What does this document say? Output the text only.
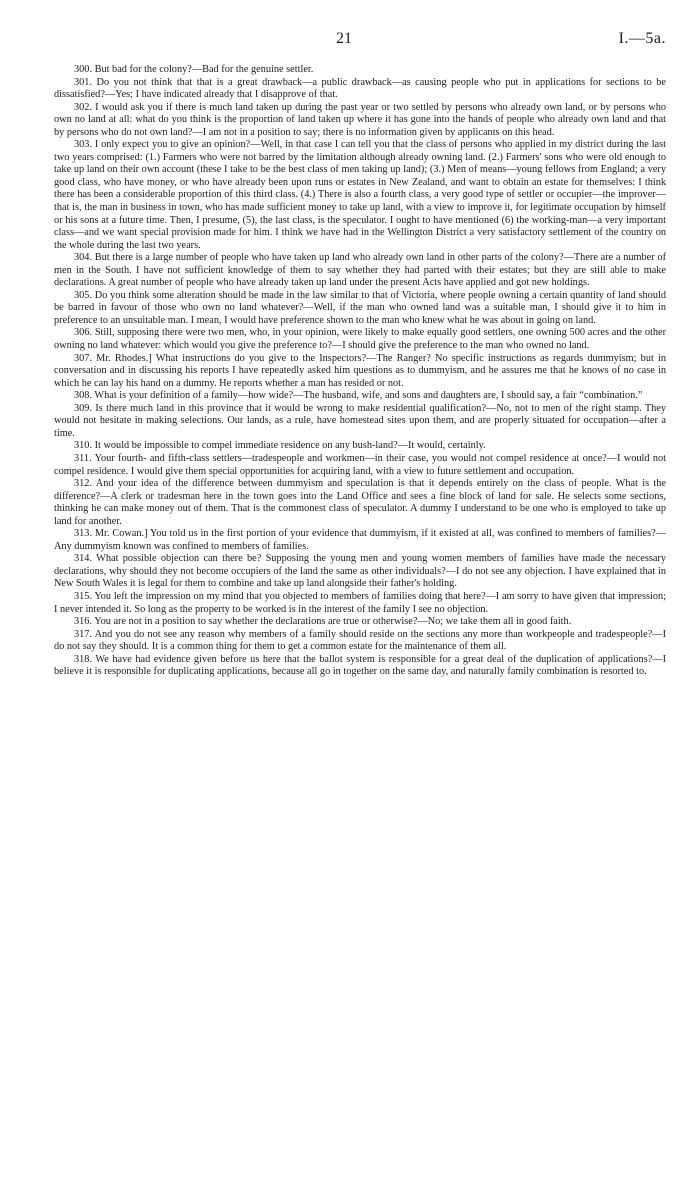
21	I.—5a.

300. But bad for the colony?—Bad for the genuine settler.

301. Do you not think that that is a great drawback—a public drawback—as causing people who put in applications for sections to be dissatisfied?—Yes; I have indicated already that I disapprove of that.

302. I would ask you if there is much land taken up during the past year or two settled by persons who already own land, or by persons who own no land at all: what do you think is the proportion of land taken up where it has gone into the hands of people who already own land and that by persons who do not own land?—I am not in a position to say; there is no information given by applicants on this head.

303. I only expect you to give an opinion?—Well, in that case I can tell you that the class of persons who applied in my district during the last two years comprised: (1.) Farmers who were not barred by the limitation although already owning land. (2.) Farmers' sons who were old enough to take up land on their own account (these I take to be the best class of men taking up land); (3.) Men of means—young fellows from England; a very good class, who have money, or who have already been upon runs or estates in New Zealand, and want to obtain an estate for themselves: I think there has been a considerable proportion of this third class. (4.) There is also a fourth class, a very good type of settler or occupier—the improver—that is, the man in business in town, who has made sufficient money to take up land, with a view to improve it, for legitimate occupation by himself or his sons at a future time. Then, I presume, (5), the last class, is the speculator. I ought to have mentioned (6) the working-man—a very important class—and we want special provision made for him. I think we have had in the Wellington District a very satisfactory settlement of the country on the whole during the last two years.

304. But there is a large number of people who have taken up land who already own land in other parts of the colony?—There are a number of men in the South. I have not sufficient knowledge of them to say whether they had parted with their estates; but they are still able to make declarations. A great number of people who have already taken up land under the present Acts have applied and got new holdings.

305. Do you think some alteration should be made in the law similar to that of Victoria, where people owning a certain quantity of land should be barred in favour of those who own no land whatever?—Well, if the man who owned land was a suitable man, I should give it to him in preference to an unsuitable man. I mean, I would have preference shown to the man who knew what he was about in going on land.

306. Still, supposing there were two men, who, in your opinion, were likely to make equally good settlers, one owning 500 acres and the other owning no land whatever: which would you give the preference to?—I should give the preference to the man who owned no land.

307. Mr. Rhodes.] What instructions do you give to the Inspectors?—The Ranger? No specific instructions as regards dummyism; but in conversation and in discussing his reports I have repeatedly asked him questions as to dummyism, and he assures me that he knows of no case in which he can lay his hand on a dummy. He reports whether a man has resided or not.

308. What is your definition of a family—how wide?—The husband, wife, and sons and daughters are, I should say, a fair “combination.”

309. Is there much land in this province that it would be wrong to make residential qualification?—No, not to men of the right stamp. They would not hesitate in making selections. Our lands, as a rule, have homestead sites upon them, and are properly situated for occupation—after a time.

310. It would be impossible to compel immediate residence on any bush-land?—It would, certainly.

311. Your fourth- and fifth-class settlers—tradespeople and workmen—in their case, you would not compel residence at once?—I would not compel residence. I would give them special opportunities for acquiring land, with a view to future settlement and occupation.

312. And your idea of the difference between dummyism and speculation is that it depends entirely on the class of people. What is the difference?—A clerk or tradesman here in the town goes into the Land Office and sees a fine block of land for sale. He selects some sections, thinking he can make money out of them. That is the commonest class of speculator. A dummy I understand to be one who is employed to take up land for another.

313. Mr. Cowan.] You told us in the first portion of your evidence that dummyism, if it existed at all, was confined to members of families?—Any dummyism known was confined to members of families.

314. What possible objection can there be? Supposing the young men and young women members of families have made the necessary declarations, why should they not become occupiers of the land the same as other individuals?—I do not see any objection. I have explained that in New South Wales it is legal for them to combine and take up land alongside their father's holding.

315. You left the impression on my mind that you objected to members of families doing that here?—I am sorry to have given that impression; I never intended it. So long as the property to be worked is in the interest of the family I see no objection.

316. You are not in a position to say whether the declarations are true or otherwise?—No; we take them all in good faith.

317. And you do not see any reason why members of a family should reside on the sections any more than workpeople and tradespeople?—I do not say they should. It is a common thing for them to get a common estate for the maintenance of them all.

318. We have had evidence given before us here that the ballot system is responsible for a great deal of the duplication of applications?—I believe it is responsible for duplicating applications, because all go in together on the same day, and naturally family combination is resorted to.
